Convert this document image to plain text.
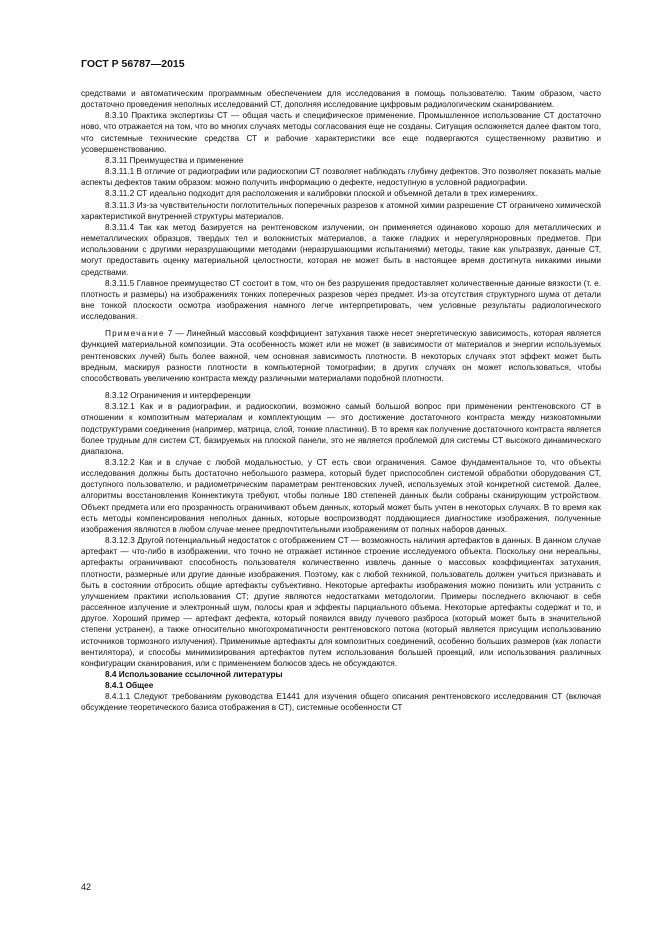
ГОСТ Р 56787—2015

средствами и автоматическим программным обеспечением для исследования в помощь пользователю. Таким образом, часто достаточно проведения неполных исследований СТ, дополняя исследование цифровым радиологическим сканированием.

8.3.10 Практика экспертизы СТ — общая часть и специфическое применение. Промышленное использование СТ достаточно ново, что отражается на том, что во многих случаях методы согласования еще не созданы. Ситуация осложняется далее фактом того, что системные технические средства СТ и рабочие характеристики все еще подвергаются существенному развитию и усовершенствованию.

8.3.11 Преимущества и применение

8.3.11.1 В отличие от радиографии или радиоскопии СТ позволяет наблюдать глубину дефектов. Это позволяет показать малые аспекты дефектов таким образом: можно получить информацию о дефекте, недоступную в условной радиографии.

8.3.11.2 СТ идеально подходит для расположения и калибровки плоской и объемной детали в трех измерениях.

8.3.11.3 Из-за чувствительности поглотительных поперечных разрезов к атомной химии разрешение СТ ограничено химической характеристикой внутренней структуры материалов.

8.3.11.4 Так как метод базируется на рентгеновском излучении, он применяется одинаково хорошо для металлических и неметаллических образцов, твердых тел и волокнистых материалов, а также гладких и нерегулярноровных предметов. При использовании с другими неразрушающими методами (неразрушающими испытаниями) методы, такие как ультразвук, данные СТ, могут предоставить оценку материальной целостности, которая не может быть в настоящее время достигнута никакими иными средствами.

8.3.11.5 Главное преимущество СТ состоит в том, что он без разрушения предоставляет количественные данные вязкости (т. е. плотность и размеры) на изображениях тонких поперечных разрезов через предмет. Из-за отсутствия структурного шума от детали вне тонкой плоскости осмотра изображения намного легче интерпретировать, чем условные результаты радиологического исследования.

Примечание 7 — Линейный массовый коэффициент затухания также несет энергетическую зависимость, которая является функцией материальной композиции. Эта особенность может или не может (в зависимости от материалов и энергии используемых рентгеновских лучей) быть более важной, чем основная зависимость плотности. В некоторых случаях этот эффект может быть вредным, маскируя разности плотности в компьютерной томографии; в других случаях он может использоваться, чтобы способствовать увеличению контраста между различными материалами подобной плотности.

8.3.12 Ограничения и интерференции

8.3.12.1 Как и в радиографии, и радиоскопии, возможно самый большой вопрос при применении рентгеновского СТ в отношении к композитным материалам и комплектующим — это достижение достаточного контраста между низкоатомными подструктурами соединения (например, матрица, слой, тонкие пластинки). В то время как получение достаточного контраста является более трудным для систем СТ, базируемых на плоской панели, это не является проблемой для системы СТ высокого динамического диапазона.

8.3.12.2 Как и в случае с любой модальностью, у СТ есть свои ограничения. Самое фундаментальное то, что объекты исследования должны быть достаточно небольшого размера, который будет приспособлен системой обработки оборудования СТ, доступного пользователю, и радиометрическим параметрам рентгеновских лучей, используемых этой конкретной системой. Далее, алгоритмы восстановления Коннектикута требуют, чтобы полные 180 степеней данных были собраны сканирующим устройством. Объект предмета или его прозрачность ограничивают объем данных, который может быть учтен в некоторых случаях. В то время как есть методы компенсирования неполных данных, которые воспроизводят поддающиеся диагностике изображения, полученные изображения являются в любом случае менее предпочтительными изображениям от полных наборов данных.

8.3.12.3 Другой потенциальный недостаток с отображением СТ — возможность наличия артефактов в данных. В данном случае артефакт — что-либо в изображении, что точно не отражает истинное строение исследуемого объекта. Поскольку они нереальны, артефакты ограничивают способность пользователя количественно извлечь данные о массовых коэффициентах затухания, плотности, размерные или другие данные изображения. Поэтому, как с любой техникой, пользователь должен учиться признавать и быть в состоянии отбросить общие артефакты субъективно. Некоторые артефакты изображения можно понизить или устранить с улучшением практики использования СТ; другие являются недостатками методологии. Примеры последнего включают в себя рассеянное излучение и электронный шум, полосы края и эффекты парциального объема. Некоторые артефакты содержат и то, и другое. Хороший пример — артефакт дефекта, который появился ввиду лучевого разброса (который может быть в значительной степени устранен), а также относительно многохроматичности рентгеновского потока (который является присущим использованию источников тормозного излучения). Применимые артефакты для композитных соединений, особенно больших размеров (как лопасти вентилятора), и способы минимизирования артефактов путем использования большей проекций, или использования различных конфигурации сканирования, или с применением болюсов здесь не обсуждаются.

8.4 Использование ссылочной литературы

8.4.1 Общее

8.4.1.1 Следуют требованиям руководства Е1441 для изучения общего описания рентгеновского исследования СТ (включая обсуждение теоретического базиса отображения в СТ), системные особенности СТ

42
